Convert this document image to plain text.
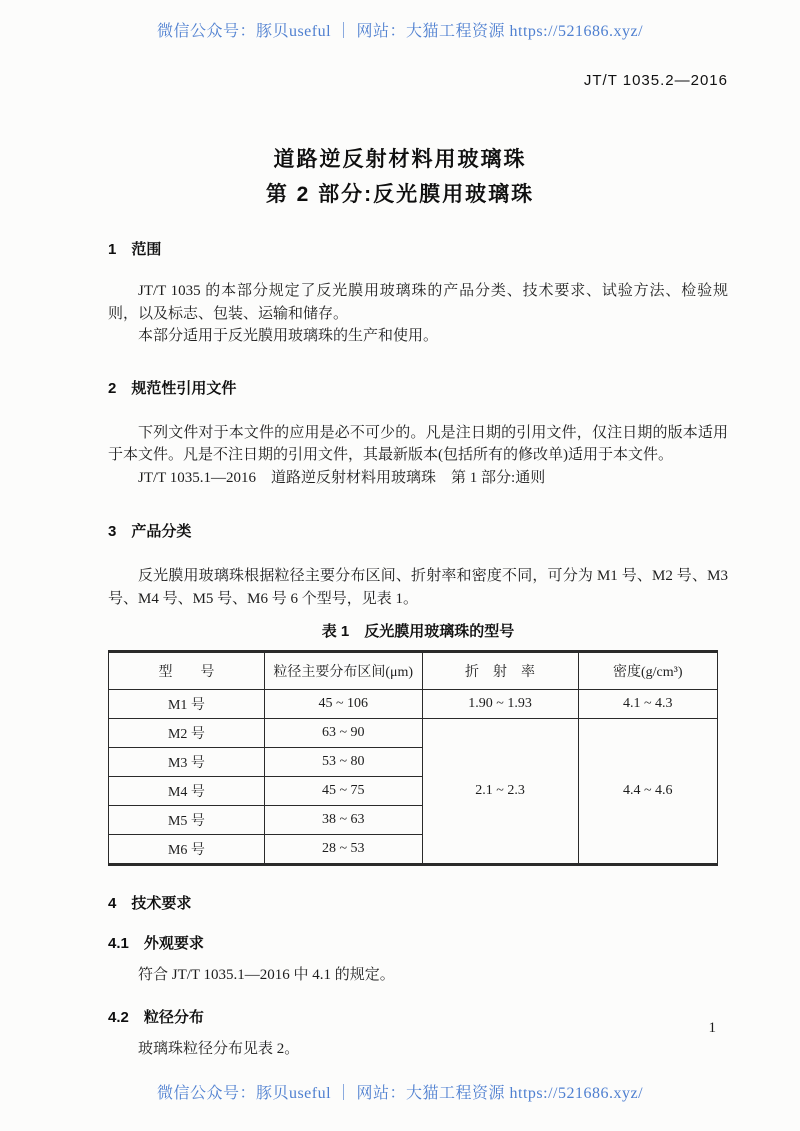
微信公众号：豚贝useful ｜ 网站：大猫工程资源 https://521686.xyz/
JT/T 1035.2—2016
道路逆反射材料用玻璃珠
第 2 部分:反光膜用玻璃珠
1　范围

JT/T 1035 的本部分规定了反光膜用玻璃珠的产品分类、技术要求、试验方法、检验规则，以及标志、包装、运输和储存。

本部分适用于反光膜用玻璃珠的生产和使用。

2　规范性引用文件

下列文件对于本文件的应用是必不可少的。凡是注日期的引用文件，仅注日期的版本适用于本文件。凡是不注日期的引用文件，其最新版本(包括所有的修改单)适用于本文件。

JT/T 1035.1—2016　道路逆反射材料用玻璃珠　第 1 部分:通则

3　产品分类

反光膜用玻璃珠根据粒径主要分布区间、折射率和密度不同，可分为 M1 号、M2 号、M3 号、M4 号、M5 号、M6 号 6 个型号，见表 1。

表 1　反光膜用玻璃珠的型号
型　　号	粒径主要分布区间(μm)	折　射　率	密度(g/cm³)
M1 号	45 ~ 106	1.90 ~ 1.93	4.1 ~ 4.3
M2 号	63 ~ 90	2.1 ~ 2.3	4.4 ~ 4.6
M3 号	53 ~ 80		
M4 号	45 ~ 75		
M5 号	38 ~ 63		
M6 号	28 ~ 53		
4　技术要求
4.1　外观要求

符合 JT/T 1035.1—2016 中 4.1 的规定。

4.2　粒径分布

玻璃珠粒径分布见表 2。

1
微信公众号：豚贝useful ｜ 网站：大猫工程资源 https://521686.xyz/
